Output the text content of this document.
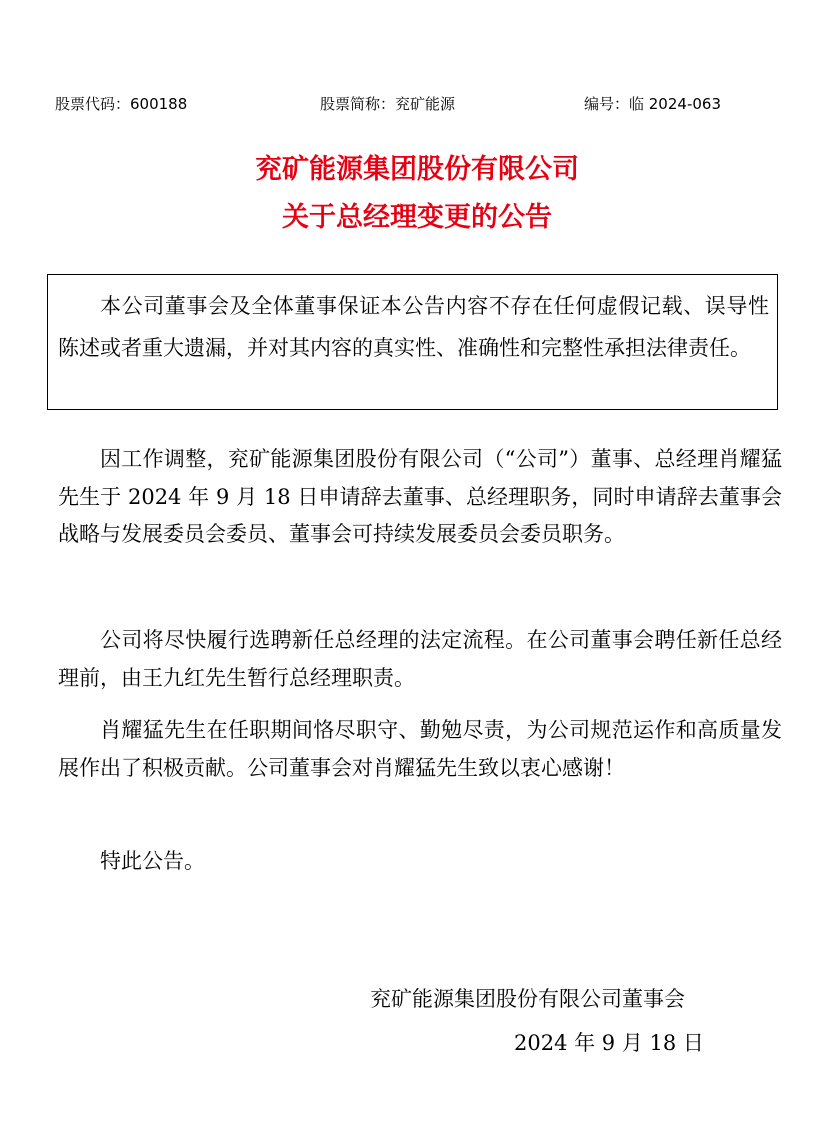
股票代码：600188	股票简称：兖矿能源	编号：临 2024-063
兖矿能源集团股份有限公司
关于总经理变更的公告

本公司董事会及全体董事保证本公告内容不存在任何虚假记载、误导性陈述或者重大遗漏，并对其内容的真实性、准确性和完整性承担法律责任。

因工作调整，兖矿能源集团股份有限公司（“公司”）董事、总经理肖耀猛先生于 2024 年 9 月 18 日申请辞去董事、总经理职务，同时申请辞去董事会战略与发展委员会委员、董事会可持续发展委员会委员职务。

公司将尽快履行选聘新任总经理的法定流程。在公司董事会聘任新任总经理前，由王九红先生暂行总经理职责。

肖耀猛先生在任职期间恪尽职守、勤勉尽责，为公司规范运作和高质量发展作出了积极贡献。公司董事会对肖耀猛先生致以衷心感谢！

特此公告。

兖矿能源集团股份有限公司董事会
2024 年 9 月 18 日
